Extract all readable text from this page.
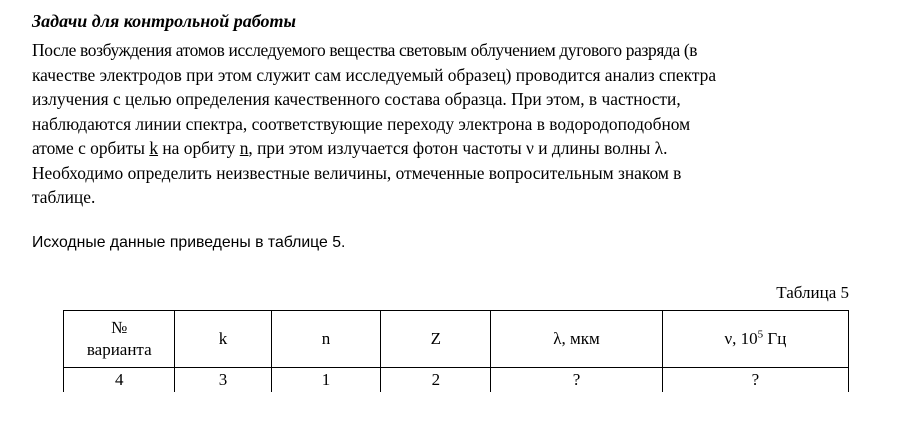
Задачи для контрольной работы
После возбуждения атомов исследуемого вещества световым облучением дугового разряда (в
качестве электродов при этом служит сам исследуемый образец) проводится анализ спектра
излучения с целью определения качественного состава образца. При этом, в частности,
наблюдаются линии спектра, соответствующие переходу электрона в водородоподобном
атоме с орбиты k на орбиту n, при этом излучается фотон частоты ν и длины волны λ.
Необходимо определить неизвестные величины, отмеченные вопросительным знаком в
таблице.
Исходные данные приведены в таблице 5.
Таблица 5
№
варианта	k	n	Z	λ, мкм	ν, $10^5$ Гц
4	3	1	2	?	?
